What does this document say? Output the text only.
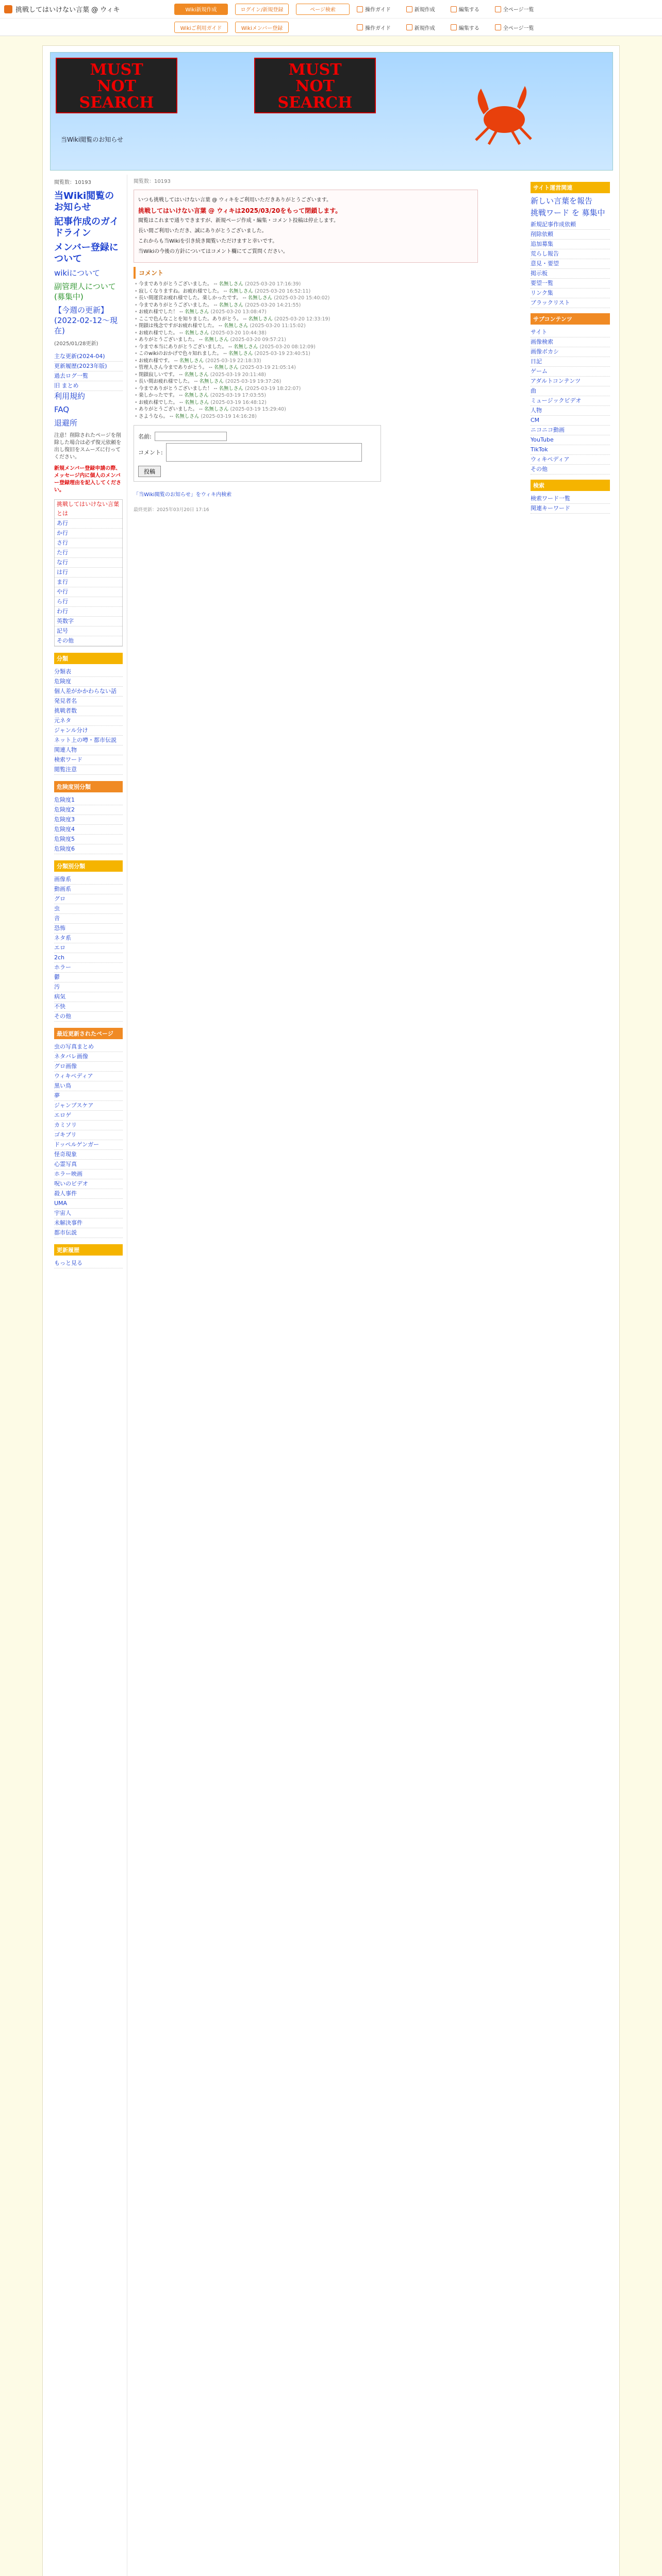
挑戦してはいけない言葉 @ ウィキ	Wiki新規作成	ログイン/新規登録	ページ検索	操作ガイド	新規作成	編集する	全ページ一覧
Wikiご利用ガイド	Wikiメンバー登録	操作ガイド	新規作成	編集する	全ページ一覧
MUST
NOT
SEARCH
MUST
NOT
SEARCH
当Wiki閲覧のお知らせ
閲覧数：10193
当Wiki閲覧のお知らせ
記事作成のガイドライン
メンバー登録について
wikiについて
副管理人について(募集中)
【今週の更新】(2022-02-12～現在)
(2025/01/28更新)
主な更新(2024-04)
更新履歴(2023年版)
過去ログ一覧
旧 まとめ
利用規約
FAQ
退避所
注意！削除されたページを削除した場合は必ず復元依頼を出し復旧をスムーズに行ってください。
新規メンバー登録申請の際、メッセージ内に個人のメンバー登録理由を記入してください。
挑戦してはいけない言葉とは
あ行
か行
さ行
た行
な行
は行
ま行
や行
ら行
わ行
英数字
記号
その他
分類
分類表
危険度
個人差がかかわらない話
発見者名
挑戦者数
元ネタ
ジャンル分け
ネット上の噂・都市伝説
関連人物
検索ワード
閲覧注意
危険度別分類
危険度1
危険度2
危険度3
危険度4
危険度5
危険度6
分類別分類
画像系
動画系
グロ
虫
音
恐怖
ネタ系
エロ
2ch
ホラー
鬱
汚
病気
不快
その他
最近更新されたページ
虫の写真まとめ
ネタバレ画像
グロ画像
ウィキペディア
黒い鳥
夢
ジャンプスケア
エロゲ
カミソリ
ゴキブリ
ドッペルゲンガー
怪奇現象
心霊写真
ホラー映画
呪いのビデオ
殺人事件
UMA
宇宙人
未解決事件
都市伝説
更新履歴
もっと見る
閲覧数：10193

いつも挑戦してはいけない言葉 @ ウィキをご利用いただきありがとうございます。

挑戦してはいけない言葉 @ ウィキは2025/03/20をもって閉鎖します。

閲覧はこれまで通りできますが、新規ページ作成・編集・コメント投稿は停止します。

長い間ご利用いただき、誠にありがとうございました。

これからも当Wikiを引き続き閲覧いただけますと幸いです。

当Wikiの今後の方針についてはコメント欄にてご質問ください。

コメント
• 今までありがとうございました。 -- 名無しさん (2025-03-20 17:16:39)
• 寂しくなりますね。お疲れ様でした。 -- 名無しさん (2025-03-20 16:52:11)
• 長い間運営お疲れ様でした。楽しかったです。 -- 名無しさん (2025-03-20 15:40:02)
• 今までありがとうございました。 -- 名無しさん (2025-03-20 14:21:55)
• お疲れ様でした！ -- 名無しさん (2025-03-20 13:08:47)
• ここで色んなことを知りました。ありがとう。 -- 名無しさん (2025-03-20 12:33:19)
• 閉鎖は残念ですがお疲れ様でした。 -- 名無しさん (2025-03-20 11:15:02)
• お疲れ様でした。 -- 名無しさん (2025-03-20 10:44:38)
• ありがとうございました。 -- 名無しさん (2025-03-20 09:57:21)
• 今まで本当にありがとうございました。 -- 名無しさん (2025-03-20 08:12:09)
• このwikiのおかげで色々知れました。 -- 名無しさん (2025-03-19 23:40:51)
• お疲れ様です。 -- 名無しさん (2025-03-19 22:18:33)
• 管理人さん今までありがとう。 -- 名無しさん (2025-03-19 21:05:14)
• 閉鎖寂しいです。 -- 名無しさん (2025-03-19 20:11:48)
• 長い間お疲れ様でした。 -- 名無しさん (2025-03-19 19:37:26)
• 今までありがとうございました！ -- 名無しさん (2025-03-19 18:22:07)
• 楽しかったです。 -- 名無しさん (2025-03-19 17:03:55)
• お疲れ様でした。 -- 名無しさん (2025-03-19 16:48:12)
• ありがとうございました。 -- 名無しさん (2025-03-19 15:29:40)
• さようなら。 -- 名無しさん (2025-03-19 14:16:28)
名前:
コメント:
投稿
「当Wiki閲覧のお知らせ」をウィキ内検索
最終更新：2025年03月20日 17:16
サイト運営関連
新しい言葉を報告
挑戦ワード を 募集中
新規記事作成依頼
削除依頼
追加募集
荒らし報告
意見・要望
掲示板
要望一覧
リンク集
ブラックリスト
サブコンテンツ
サイト
画像検索
画像ボカシ
日記
ゲーム
アダルトコンテンツ
曲
ミュージックビデオ
人物
CM
ニコニコ動画
YouTube
TikTok
ウィキペディア
その他
検索
検索ワード一覧
関連キーワード
